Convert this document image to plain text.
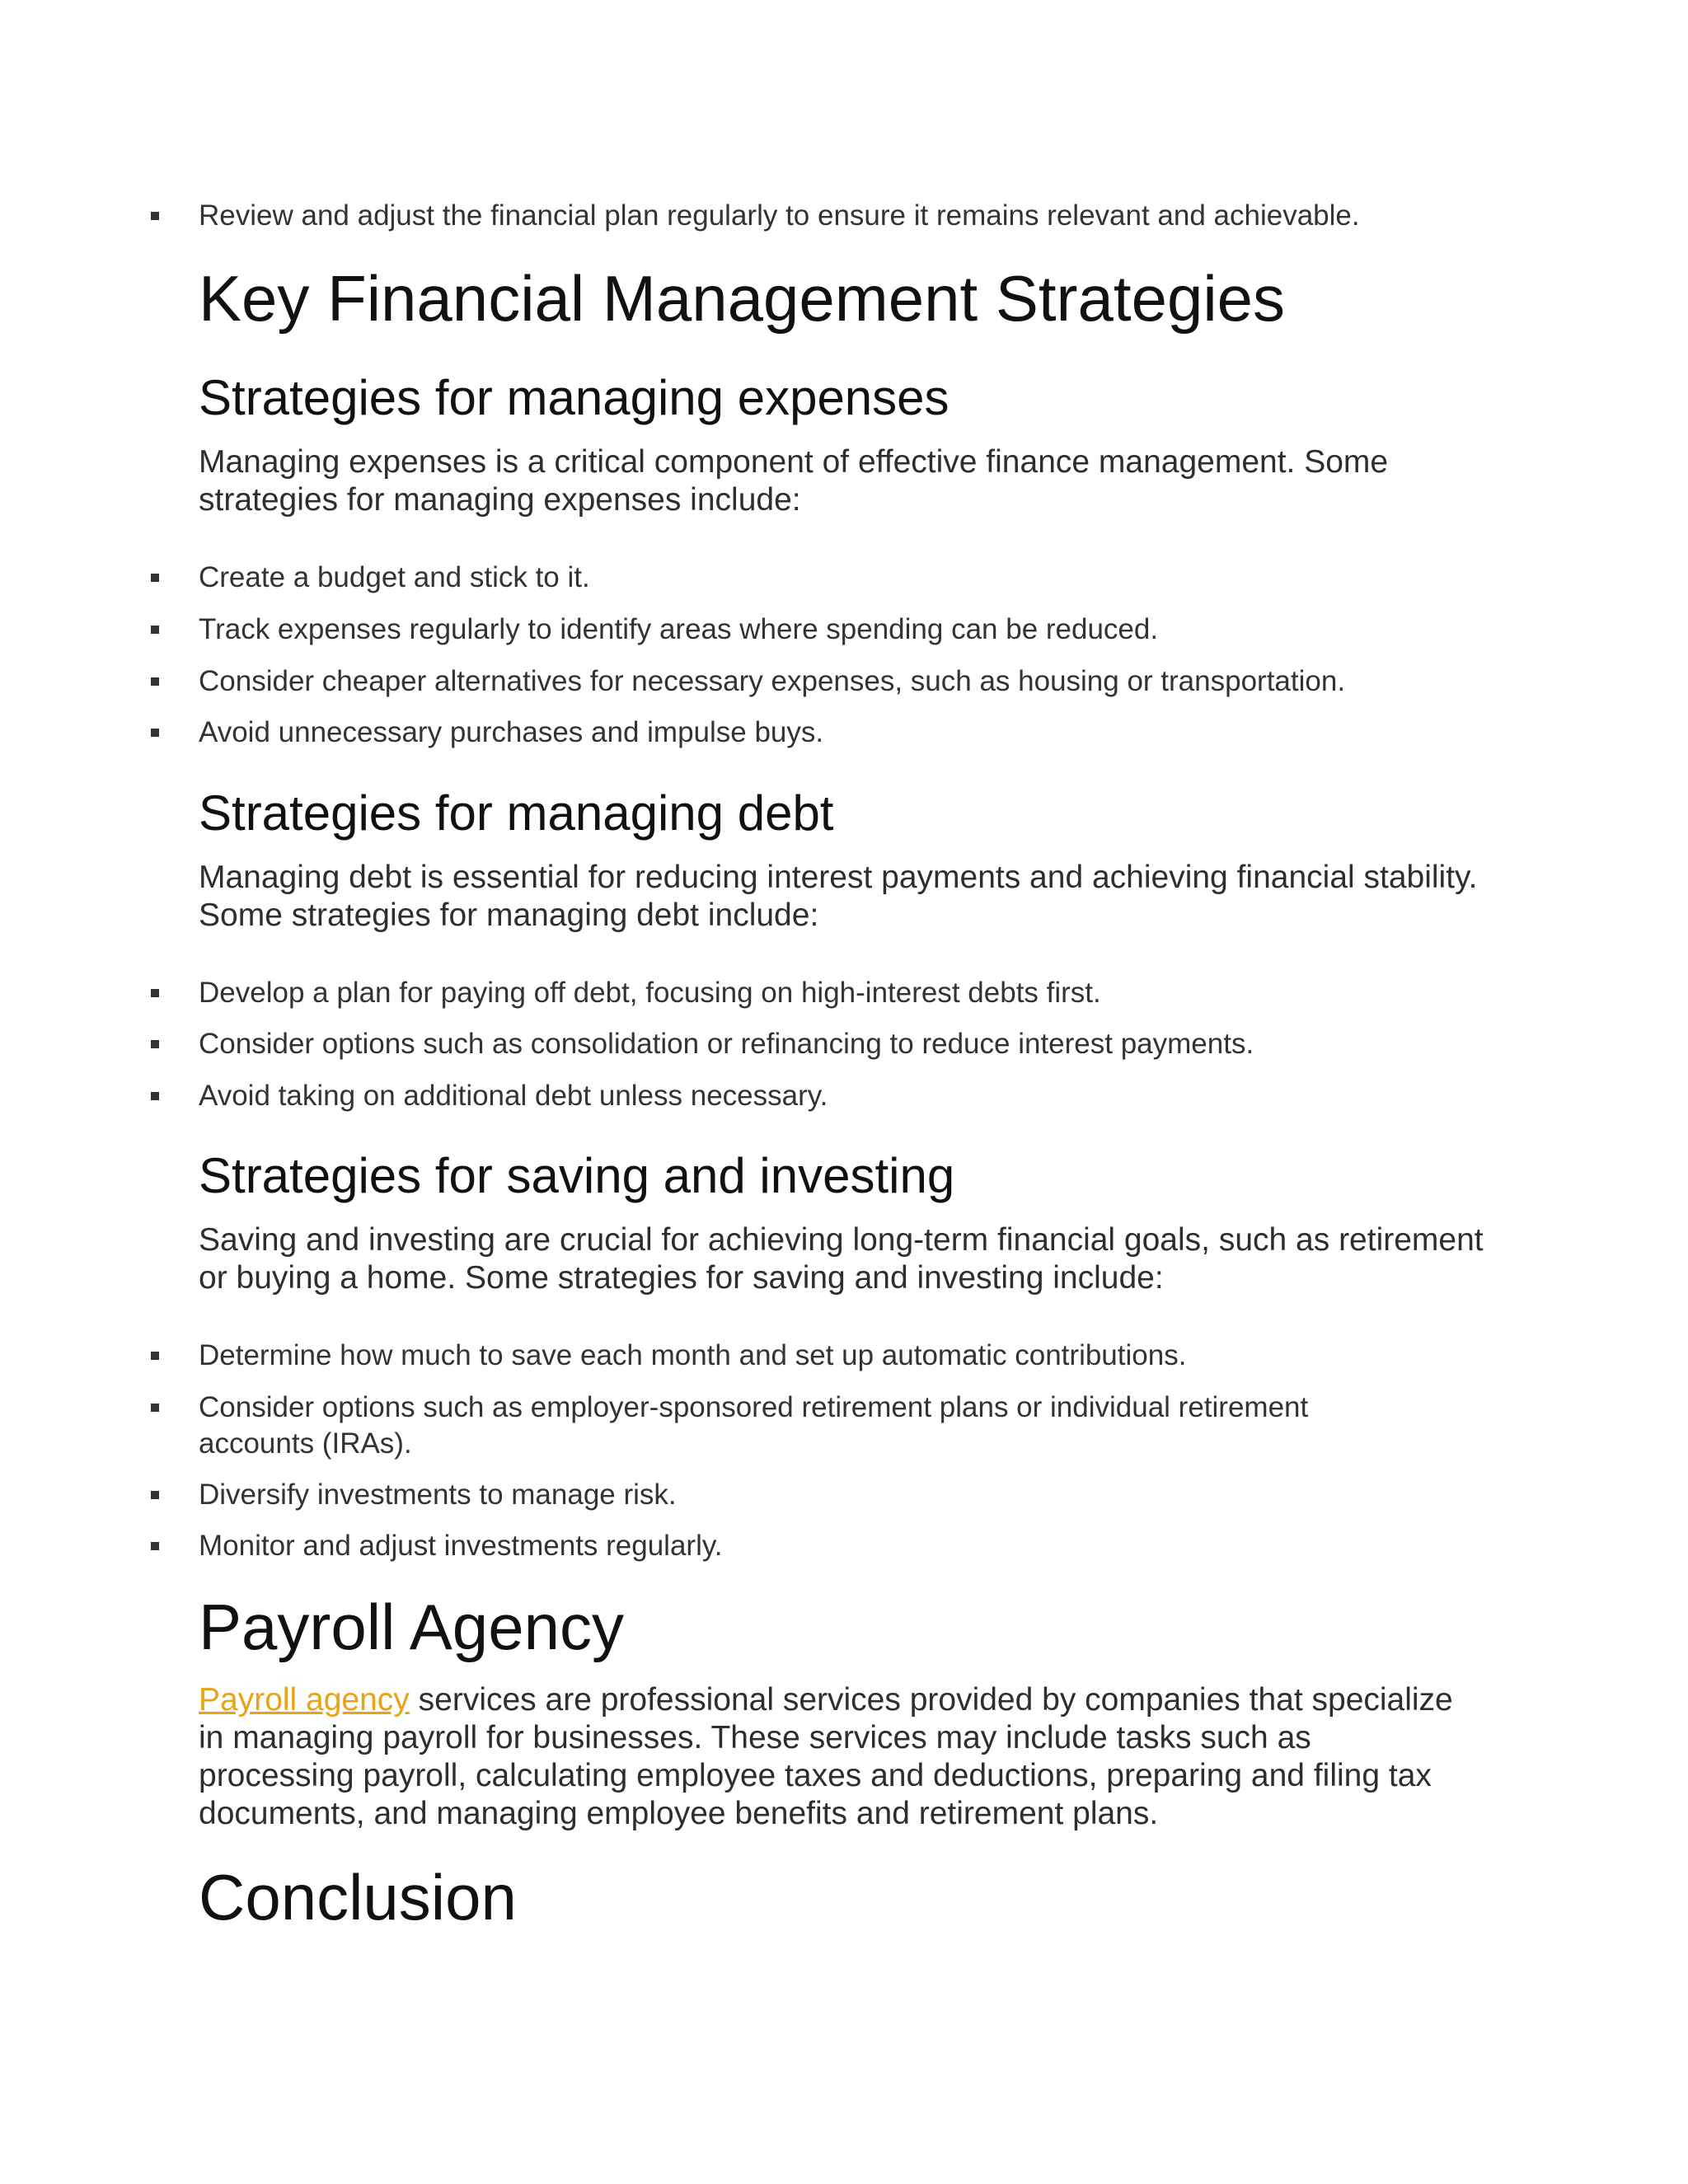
Review and adjust the financial plan regularly to ensure it remains relevant and achievable.
Key Financial Management Strategies
Strategies for managing expenses

Managing expenses is a critical component of effective finance management. Some strategies for managing expenses include:

Create a budget and stick to it.
Track expenses regularly to identify areas where spending can be reduced.
Consider cheaper alternatives for necessary expenses, such as housing or transportation.
Avoid unnecessary purchases and impulse buys.
Strategies for managing debt

Managing debt is essential for reducing interest payments and achieving financial stability. Some strategies for managing debt include:

Develop a plan for paying off debt, focusing on high-interest debts first.
Consider options such as consolidation or refinancing to reduce interest payments.
Avoid taking on additional debt unless necessary.
Strategies for saving and investing

Saving and investing are crucial for achieving long-term financial goals, such as retirement or buying a home. Some strategies for saving and investing include:

Determine how much to save each month and set up automatic contributions.
Consider options such as employer-sponsored retirement plans or individual retirement accounts (IRAs).
Diversify investments to manage risk.
Monitor and adjust investments regularly.
Payroll Agency

Payroll agency services are professional services provided by companies that specialize in managing payroll for businesses. These services may include tasks such as processing payroll, calculating employee taxes and deductions, preparing and filing tax documents, and managing employee benefits and retirement plans.

Conclusion
